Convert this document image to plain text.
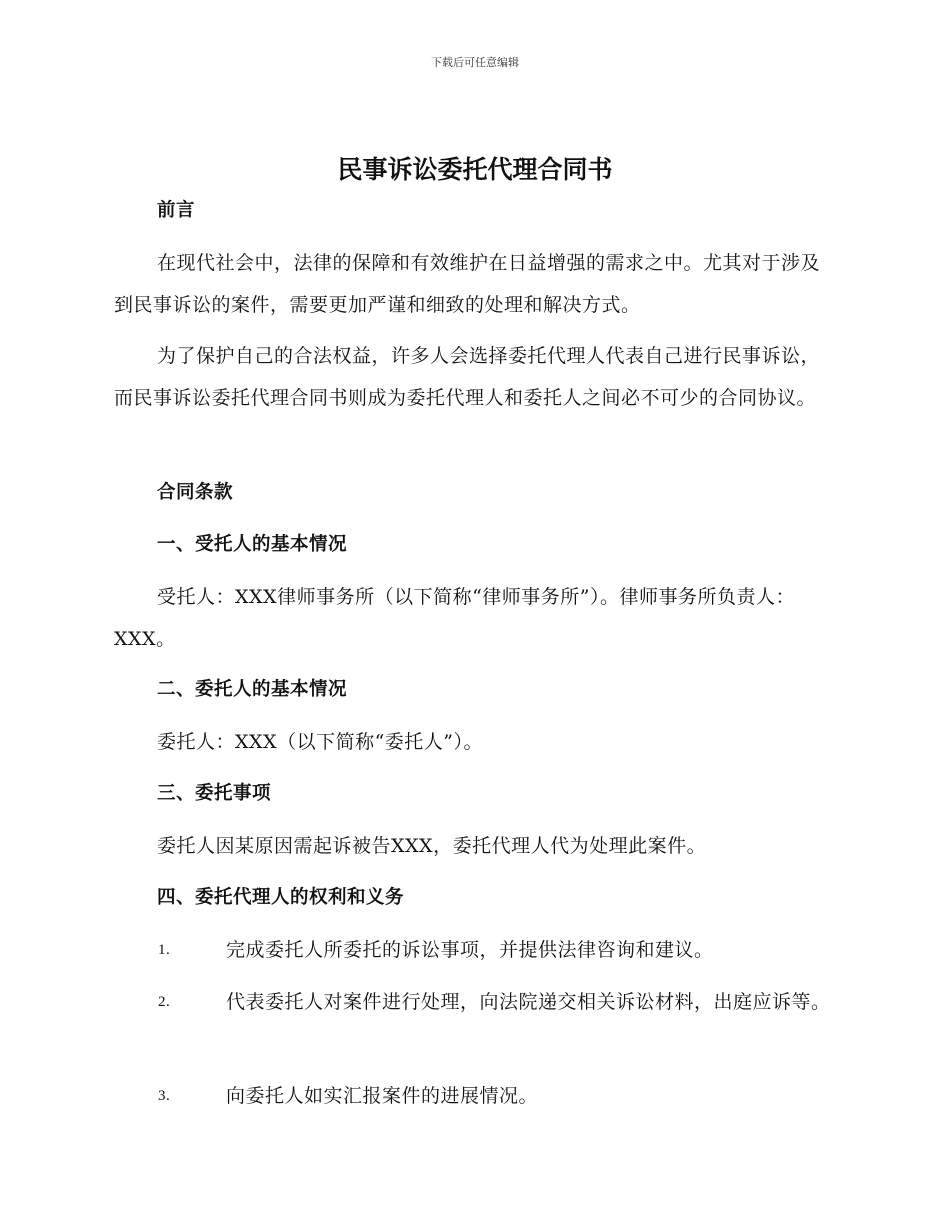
下载后可任意编辑
民事诉讼委托代理合同书
前言
在现代社会中，法律的保障和有效维护在日益增强的需求之中。尤其对于涉及到民事诉讼的案件，需要更加严谨和细致的处理和解决方式。
为了保护自己的合法权益，许多人会选择委托代理人代表自己进行民事诉讼，而民事诉讼委托代理合同书则成为委托代理人和委托人之间必不可少的合同协议。
合同条款
一、受托人的基本情况
受托人：XXX律师事务所（以下简称“律师事务所”）。律师事务所负责人：XXX。
二、委托人的基本情况
委托人：XXX（以下简称“委托人”）。
三、委托事项
委托人因某原因需起诉被告XXX，委托代理人代为处理此案件。
四、委托代理人的权利和义务
1.	完成委托人所委托的诉讼事项，并提供法律咨询和建议。
2.	代表委托人对案件进行处理，向法院递交相关诉讼材料，出庭应诉等。
3.	向委托人如实汇报案件的进展情况。
